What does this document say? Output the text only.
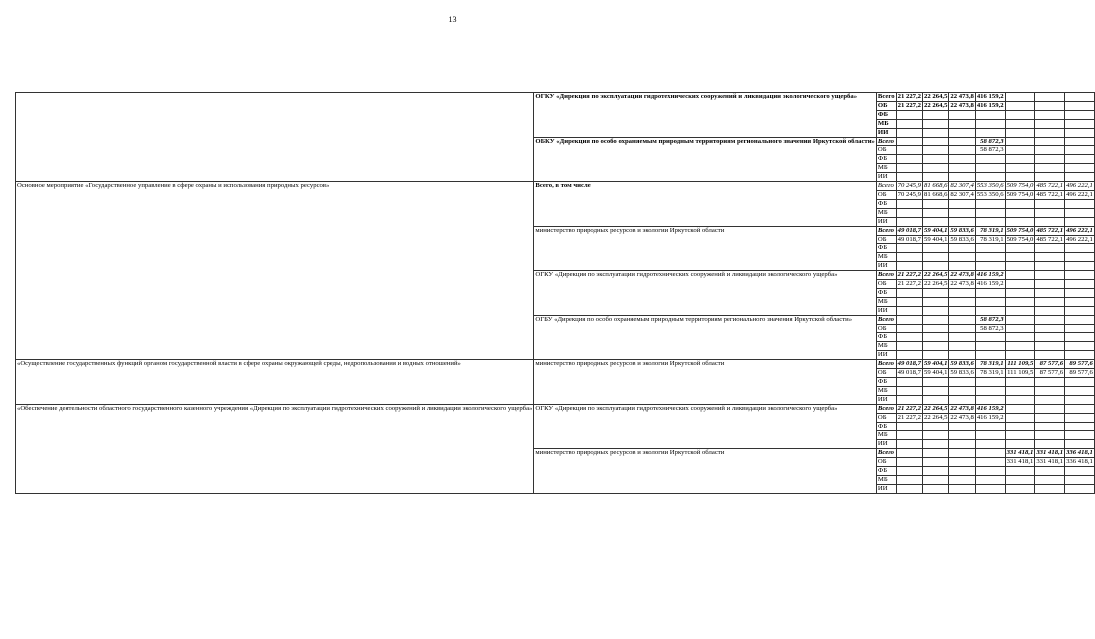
13
	ОГКУ «Дирекция по эксплуатации гидротехнических сооружений и ликвидации экологического ущерба»	Всего	21 227,2	22 264,5	22 473,8	416 159,2			
		ОБ	21 227,2	22 264,5	22 473,8	416 159,2			
		ФБ							
		МБ							
		ИИ							
	ОБКУ «Дирекция по особо охраняемым природным территориям регионального значения Иркутской области»	Всего				58 872,3			
		ОБ				58 872,3			
		ФБ							
		МБ							
		ИИ							
Основное мероприятие «Государственное управление в сфере охраны и использования природных ресурсов»	Всего, в том числе	Всего	70 245,9	81 668,6	82 307,4	553 350,6	509 754,0	485 722,1	496 222,1
		ОБ	70 245,9	81 668,6	82 307,4	553 350,6	509 754,0	485 722,1	496 222,1
		ФБ							
		МБ							
		ИИ							
	министерство природных ресурсов и экологии Иркутской области	Всего	49 018,7	59 404,1	59 833,6	78 319,1	509 754,0	485 722,1	496 222,1
		ОБ	49 018,7	59 404,1	59 833,6	78 319,1	509 754,0	485 722,1	496 222,1
		ФБ							
		МБ							
		ИИ							
	ОГКУ «Дирекция по эксплуатации гидротехнических сооружений и ликвидации экологического ущерба»	Всего	21 227,2	22 264,5	22 473,8	416 159,2			
		ОБ	21 227,2	22 264,5	22 473,8	416 159,2			
		ФБ							
		МБ							
		ИИ							
	ОГБУ «Дирекция по особо охраняемым природным территориям регионального значения Иркутской области»	Всего				58 872,3			
		ОБ				58 872,3			
		ФБ							
		МБ							
		ИИ							
«Осуществление государственных функций органом государственной власти в сфере охраны окружающей среды, недропользования и водных отношений»	министерство природных ресурсов и экологии Иркутской области	Всего	49 018,7	59 404,1	59 833,6	78 319,1	111 109,5	87 577,6	89 577,6
		ОБ	49 018,7	59 404,1	59 833,6	78 319,1	111 109,5	87 577,6	89 577,6
		ФБ							
		МБ							
		ИИ							
«Обеспечение деятельности областного государственного казенного учреждения «Дирекция по эксплуатации гидротехнических сооружений и ликвидации экологического ущерба»	ОГКУ «Дирекция по эксплуатации гидротехнических сооружений и ликвидации экологического ущерба»	Всего	21 227,2	22 264,5	22 473,8	416 159,2			
		ОБ	21 227,2	22 264,5	22 473,8	416 159,2			
		ФБ							
		МБ							
		ИИ							
	министерство природных ресурсов и экологии Иркутской области	Всего					331 418,1	331 418,1	336 418,1
		ОБ					331 418,1	331 418,1	336 418,1
		ФБ							
		МБ							
		ИИ							
